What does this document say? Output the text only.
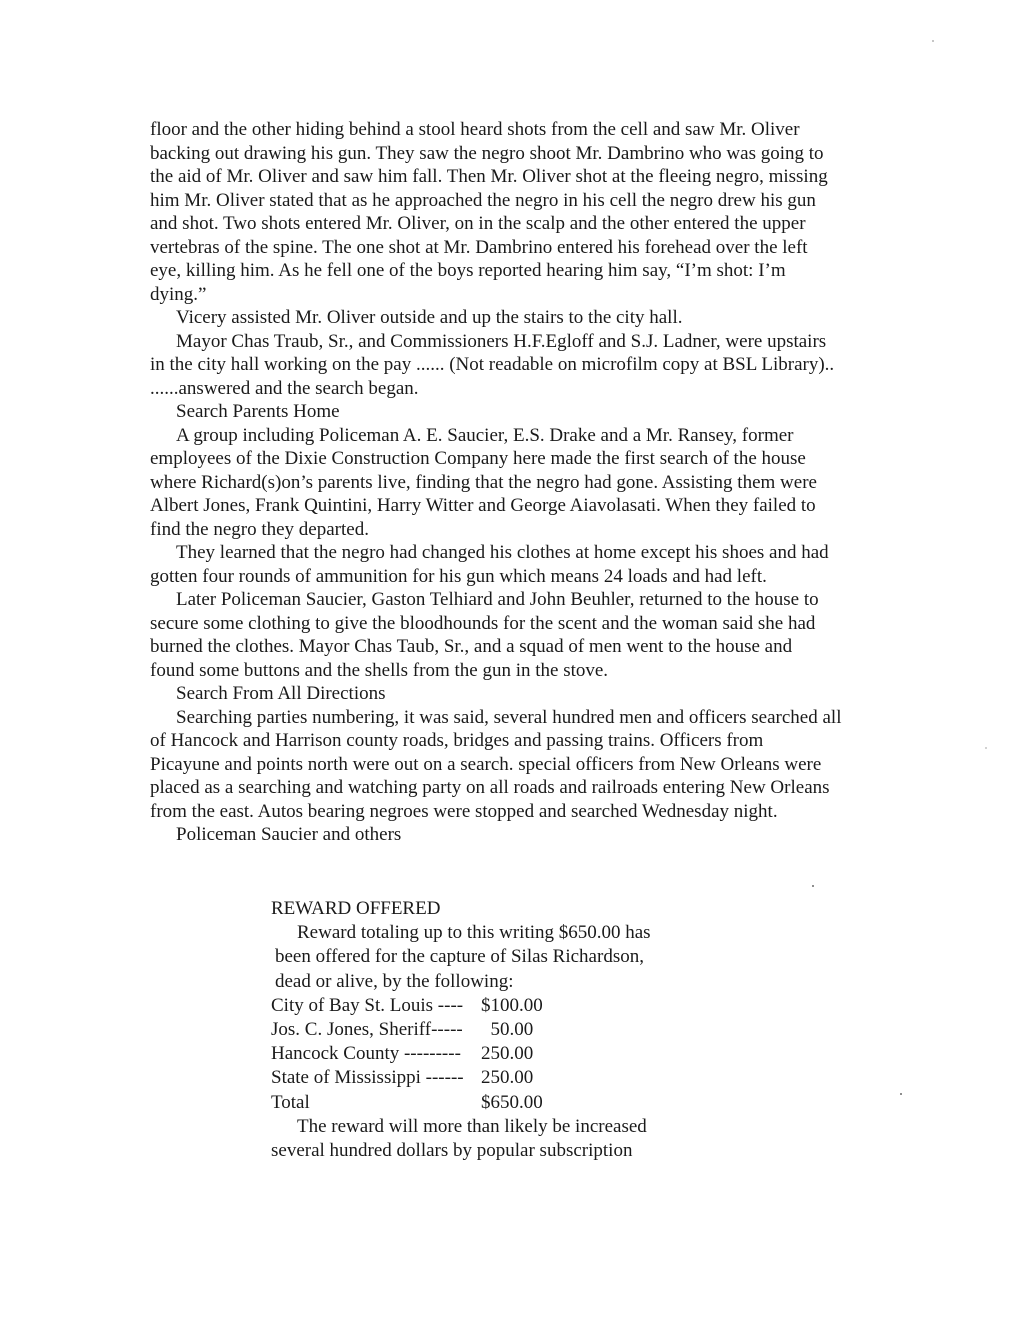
floor and the other hiding behind a stool heard shots from the cell and saw Mr. Oliver
backing out drawing his gun. They saw the negro shoot Mr. Dambrino who was going to
the aid of Mr. Oliver and saw him fall. Then Mr. Oliver shot at the fleeing negro, missing
him Mr. Oliver stated that as he approached the negro in his cell the negro drew his gun
and shot. Two shots entered Mr. Oliver, on in the scalp and the other entered the upper
vertebras of the spine. The one shot at Mr. Dambrino entered his forehead over the left
eye, killing him. As he fell one of the boys reported hearing him say, “I’m shot: I’m
dying.”

Vicery assisted Mr. Oliver outside and up the stairs to the city hall.

Mayor Chas Traub, Sr., and Commissioners H.F.Egloff and S.J. Ladner, were upstairs
in the city hall working on the pay ...... (Not readable on microfilm copy at BSL Library)..
......answered and the search began.

Search Parents Home

A group including Policeman A. E. Saucier, E.S. Drake and a Mr. Ransey, former
employees of the Dixie Construction Company here made the first search of the house
where Richard(s)on’s parents live, finding that the negro had gone. Assisting them were
Albert Jones, Frank Quintini, Harry Witter and George Aiavolasati. When they failed to
find the negro they departed.

They learned that the negro had changed his clothes at home except his shoes and had
gotten four rounds of ammunition for his gun which means 24 loads and had left.

Later Policeman Saucier, Gaston Telhiard and John Beuhler, returned to the house to
secure some clothing to give the bloodhounds for the scent and the woman said she had
burned the clothes. Mayor Chas Taub, Sr., and a squad of men went to the house and
found some buttons and the shells from the gun in the stove.

Search From All Directions

Searching parties numbering, it was said, several hundred men and officers searched all
of Hancock and Harrison county roads, bridges and passing trains. Officers from
Picayune and points north were out on a search. special officers from New Orleans were
placed as a searching and watching party on all roads and railroads entering New Orleans
from the east. Autos bearing negroes were stopped and searched Wednesday night.

Policeman Saucier and others

REWARD OFFERED

Reward totaling up to this writing $650.00 has
been offered for the capture of Silas Richardson,
dead or alive, by the following:

City of Bay St. Louis ---- $100.00
Jos. C. Jones, Sheriff----- 50.00
Hancock County ---------	250.00
State of Mississippi ------ 250.00
Total	$650.00

The reward will more than likely be increased
several hundred dollars by popular subscription
